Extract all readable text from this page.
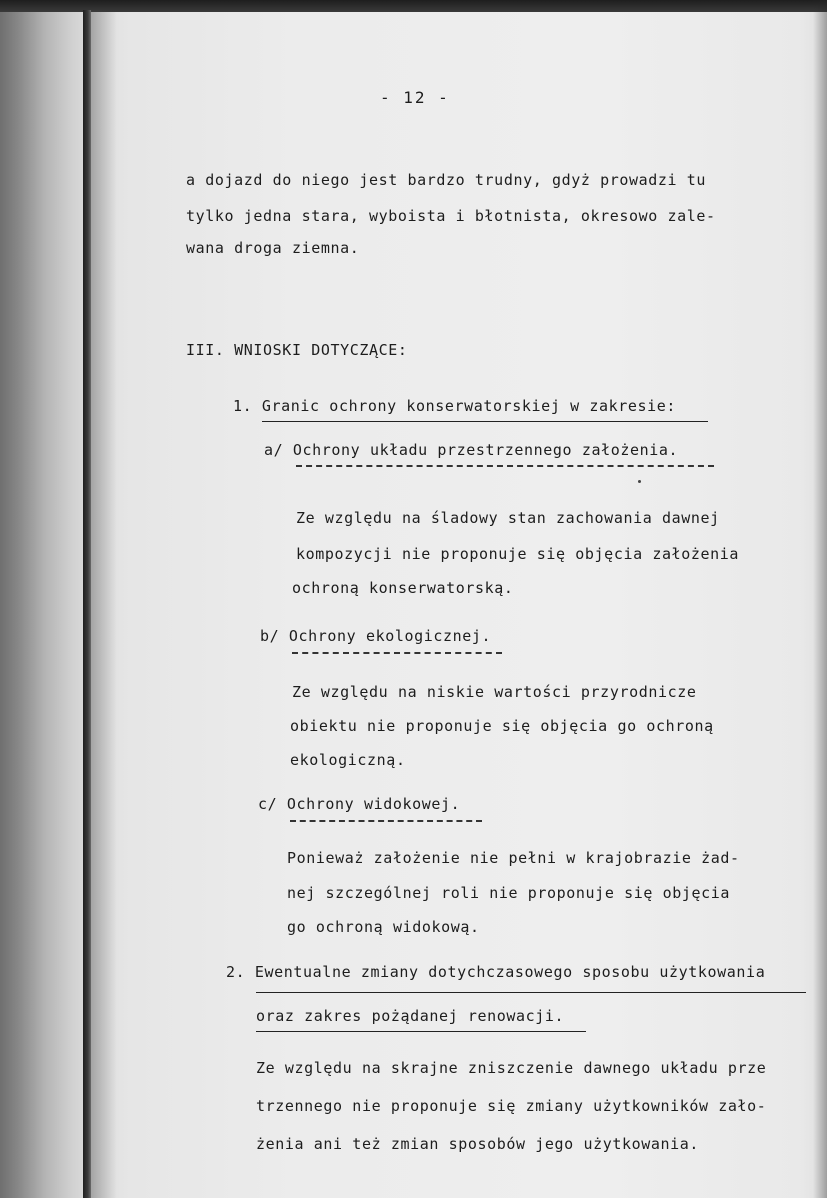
- 12 -
a dojazd do niego jest bardzo trudny, gdyż prowadzi tu
tylko jedna stara, wyboista i błotnista, okresowo zale-
wana droga ziemna.
III. WNIOSKI DOTYCZĄCE:
1. Granic ochrony konserwatorskiej w zakresie:
a/ Ochrony układu przestrzennego założenia.
Ze względu na śladowy stan zachowania dawnej
kompozycji nie proponuje się objęcia założenia
ochroną konserwatorską.
b/ Ochrony ekologicznej.
Ze względu na niskie wartości przyrodnicze
obiektu nie proponuje się objęcia go ochroną
ekologiczną.
c/ Ochrony widokowej.
Ponieważ założenie nie pełni w krajobrazie żad-
nej szczególnej roli nie proponuje się objęcia
go ochroną widokową.
2. Ewentualne zmiany dotychczasowego sposobu użytkowania
oraz zakres pożądanej renowacji.
Ze względu na skrajne zniszczenie dawnego układu prze
trzennego nie proponuje się zmiany użytkowników zało-
żenia ani też zmian sposobów jego użytkowania.
